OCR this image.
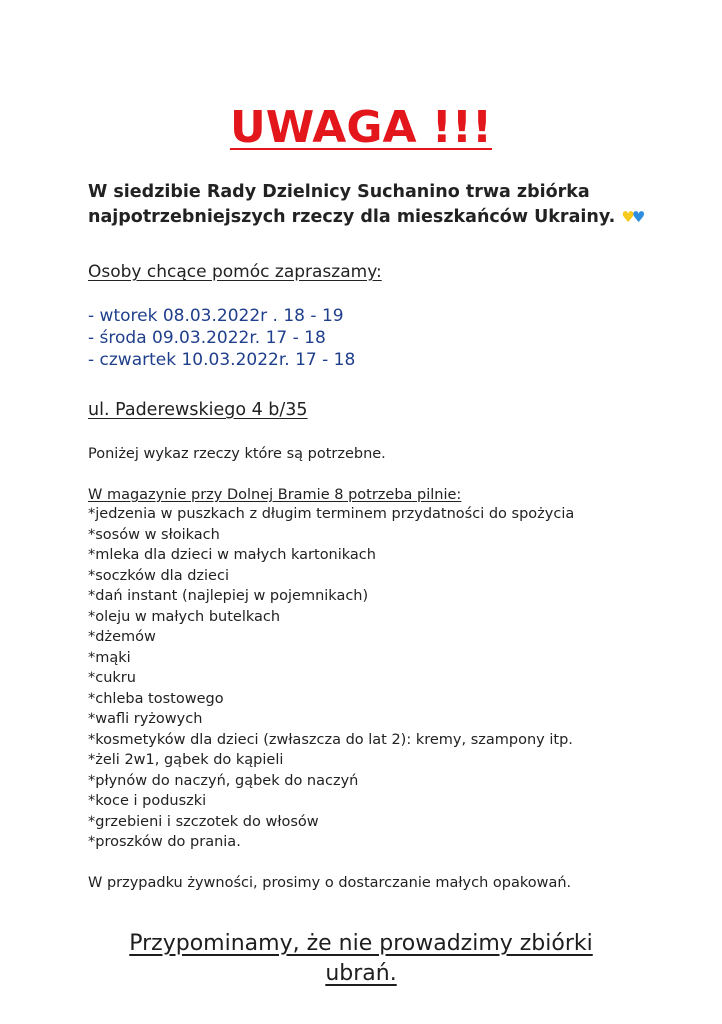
UWAGA !!!
W siedzibie Rady Dzielnicy Suchanino trwa zbiórka
najpotrzebniejszych rzeczy dla mieszkańców Ukrainy. ♥♥
Osoby chcące pomóc zapraszamy:
- wtorek 08.03.2022r . 18 - 19
- środa 09.03.2022r. 17 - 18
- czwartek 10.03.2022r. 17 - 18
ul. Paderewskiego 4 b/35
Poniżej wykaz rzeczy które są potrzebne.
W magazynie przy Dolnej Bramie 8 potrzeba pilnie:
*jedzenia w puszkach z długim terminem przydatności do spożycia
*sosów w słoikach
*mleka dla dzieci w małych kartonikach
*soczków dla dzieci
*dań instant (najlepiej w pojemnikach)
*oleju w małych butelkach
*dżemów
*mąki
*cukru
*chleba tostowego
*wafli ryżowych
*kosmetyków dla dzieci (zwłaszcza do lat 2): kremy, szampony itp.
*żeli 2w1, gąbek do kąpieli
*płynów do naczyń, gąbek do naczyń
*koce i poduszki
*grzebieni i szczotek do włosów
*proszków do prania.
W przypadku żywności, prosimy o dostarczanie małych opakowań.
Przypominamy, że nie prowadzimy zbiórki
ubrań.
